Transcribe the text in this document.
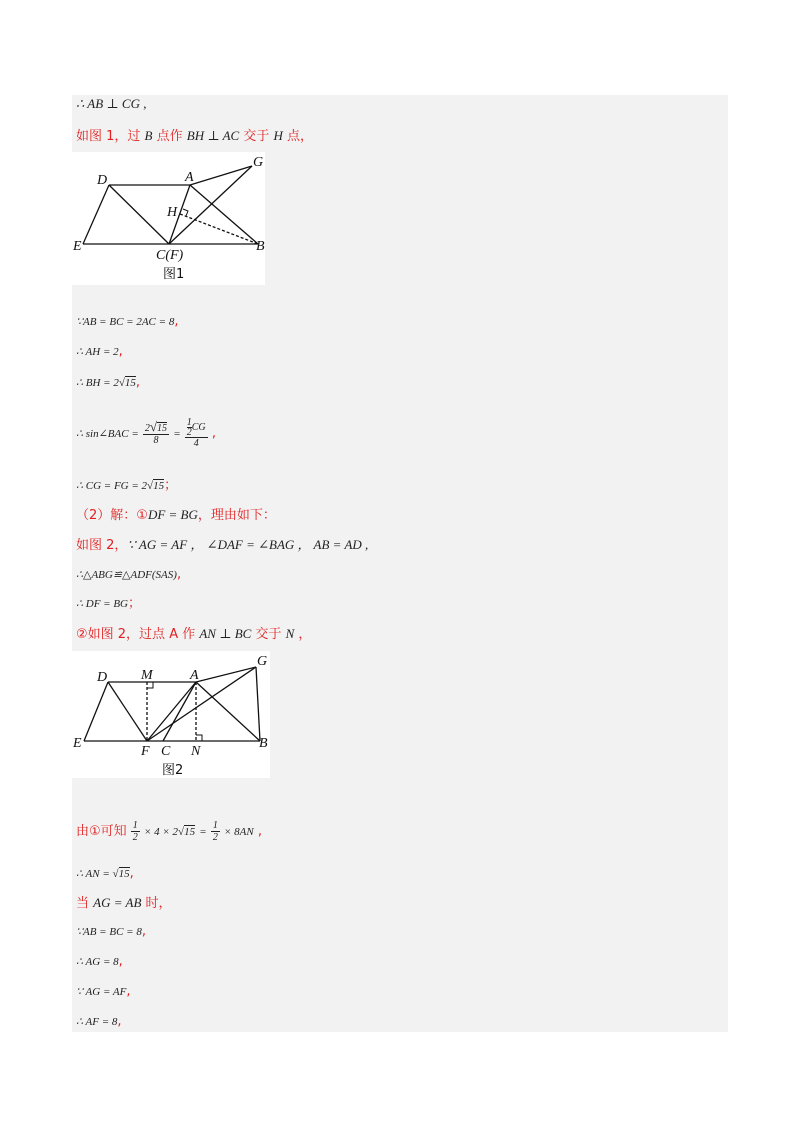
∴ AB ⊥ CG ,
如图 1，过 B 点作 BH ⊥ AC 交于 H 点，
D	A
G
H
E
C(F)
B
图1
∵AB = BC = 2AC = 8,
∴ AH = 2,
∴ BH = 2√15,
∴ sin∠BAC = $\frac{2√15}{8} = \frac{\frac{1}{2} CG}{4}$ ,
∴ CG = FG = 2√15；
（2）解：①DF = BG，理由如下：
如图 2，∵ AG = AF ， ∠DAF = ∠BAG ， AB = AD ,
∴△ABG≌△ADF(SAS),
∴ DF = BG；
②如图 2，过点 A 作 AN ⊥ BC 交于 N ，
D M	A
G
E
F C N
B
图2
由①可知 $\frac{1}{2} \times 4 \times 2√15 = \frac{1}{2} \times 8AN$ ,
∴ AN = √15,
当 AG = AB 时，
∵AB = BC = 8,
∴ AG = 8,
∵ AG = AF,
∴ AF = 8,
